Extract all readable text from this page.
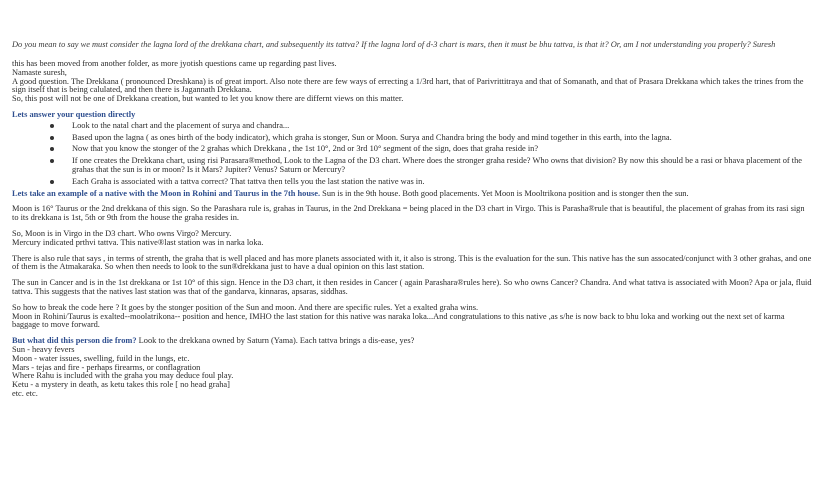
Do you mean to say we must consider the lagna lord of the drekkana chart, and subsequently its tattva? If the lagna lord of d-3 chart is mars, then it must be bhu tattva, is that it? Or, am I not understanding you properly? Suresh

this has been moved from another folder, as more jyotish questions came up regarding past lives.

Namaste suresh,

A good question. The Drekkana ( pronounced Dreshkana) is of great import. Also note there are few ways of errecting a 1/3rd hart, that of Parivrittitraya and that of Somanath, and that of Prasara Drekkana which takes the trines from the sign itself that is being calulated, and then there is Jagannath Drekkana.

So, this post will not be one of Drekkana creation, but wanted to let you know there are differnt views on this matter.

Lets answer your question directly

Look to the natal chart and the placement of surya and chandra...
Based upon the lagna ( as ones birth of the body indicator), which graha is stonger, Sun or Moon. Surya and Chandra bring the body and mind together in this earth, into the lagna.
Now that you know the stonger of the 2 grahas which Drekkana , the 1st 10°, 2nd or 3rd 10° segment of the sign, does that graha reside in?
If one creates the Drekkana chart, using risi Parasara®method, Look to the Lagna of the D3 chart. Where does the stronger graha reside? Who owns that division? By now this should be a rasi or bhava placement of the grahas that the sun is in or moon? Is it Mars? Jupiter? Venus? Saturn or Mercury?
Each Graha is associated with a tattva correct? That tattva then tells you the last station the native was in.

Lets take an example of a native with the Moon in Rohini and Taurus in the 7th house. Sun is in the 9th house. Both good placements. Yet Moon is Mooltrikona position and is stonger then the sun.

Moon is 16° Taurus or the 2nd drekkana of this sign. So the Parashara rule is, grahas in Taurus, in the 2nd Drekkana = being placed in the D3 chart in Virgo. This is Parasha®rule that is beautiful, the placement of grahas from its rasi sign to its drekkana is 1st, 5th or 9th from the house the graha resides in.

So, Moon is in Virgo in the D3 chart. Who owns Virgo? Mercury.
Mercury indicated prthvi tattva. This native®last station was in narka loka.

There is also rule that says , in terms of strenth, the graha that is well placed and has more planets associated with it, it also is strong. This is the evaluation for the sun. This native has the sun assocated/conjunct with 3 other grahas, and one of them is the Atmakaraka. So when then needs to look to the sun®drekkana just to have a dual opinion on this last station.

The sun in Cancer and is in the 1st drekkana or 1st 10° of this sign. Hence in the D3 chart, it then resides in Cancer ( again Parashara®rules here). So who owns Cancer? Chandra. And what tattva is associated with Moon? Apa or jala, fluid tattva. This suggests that the natives last station was that of the gandarva, kinnaras, apsaras, siddhas.

So how to break the code here ? It goes by the stonger position of the Sun and moon. And there are specific rules. Yet a exalted graha wins.
Moon in Rohini/Taurus is exalted--moolatrikona-- position and hence, IMHO the last station for this native was naraka loka...And congratulations to this native ,as s/he is now back to bhu loka and working out the next set of karma baggage to move forward.

But what did this person die from? Look to the drekkana owned by Saturn (Yama). Each tattva brings a dis-ease, yes?

Sun - heavy fevers

Moon - water issues, swelling, fuild in the lungs, etc.

Mars - tejas and fire - perhaps firearms, or conflagration

Where Rahu is included with the graha you may deduce foul play.

Ketu - a mystery in death, as ketu takes this role [ no head graha]

etc. etc.
